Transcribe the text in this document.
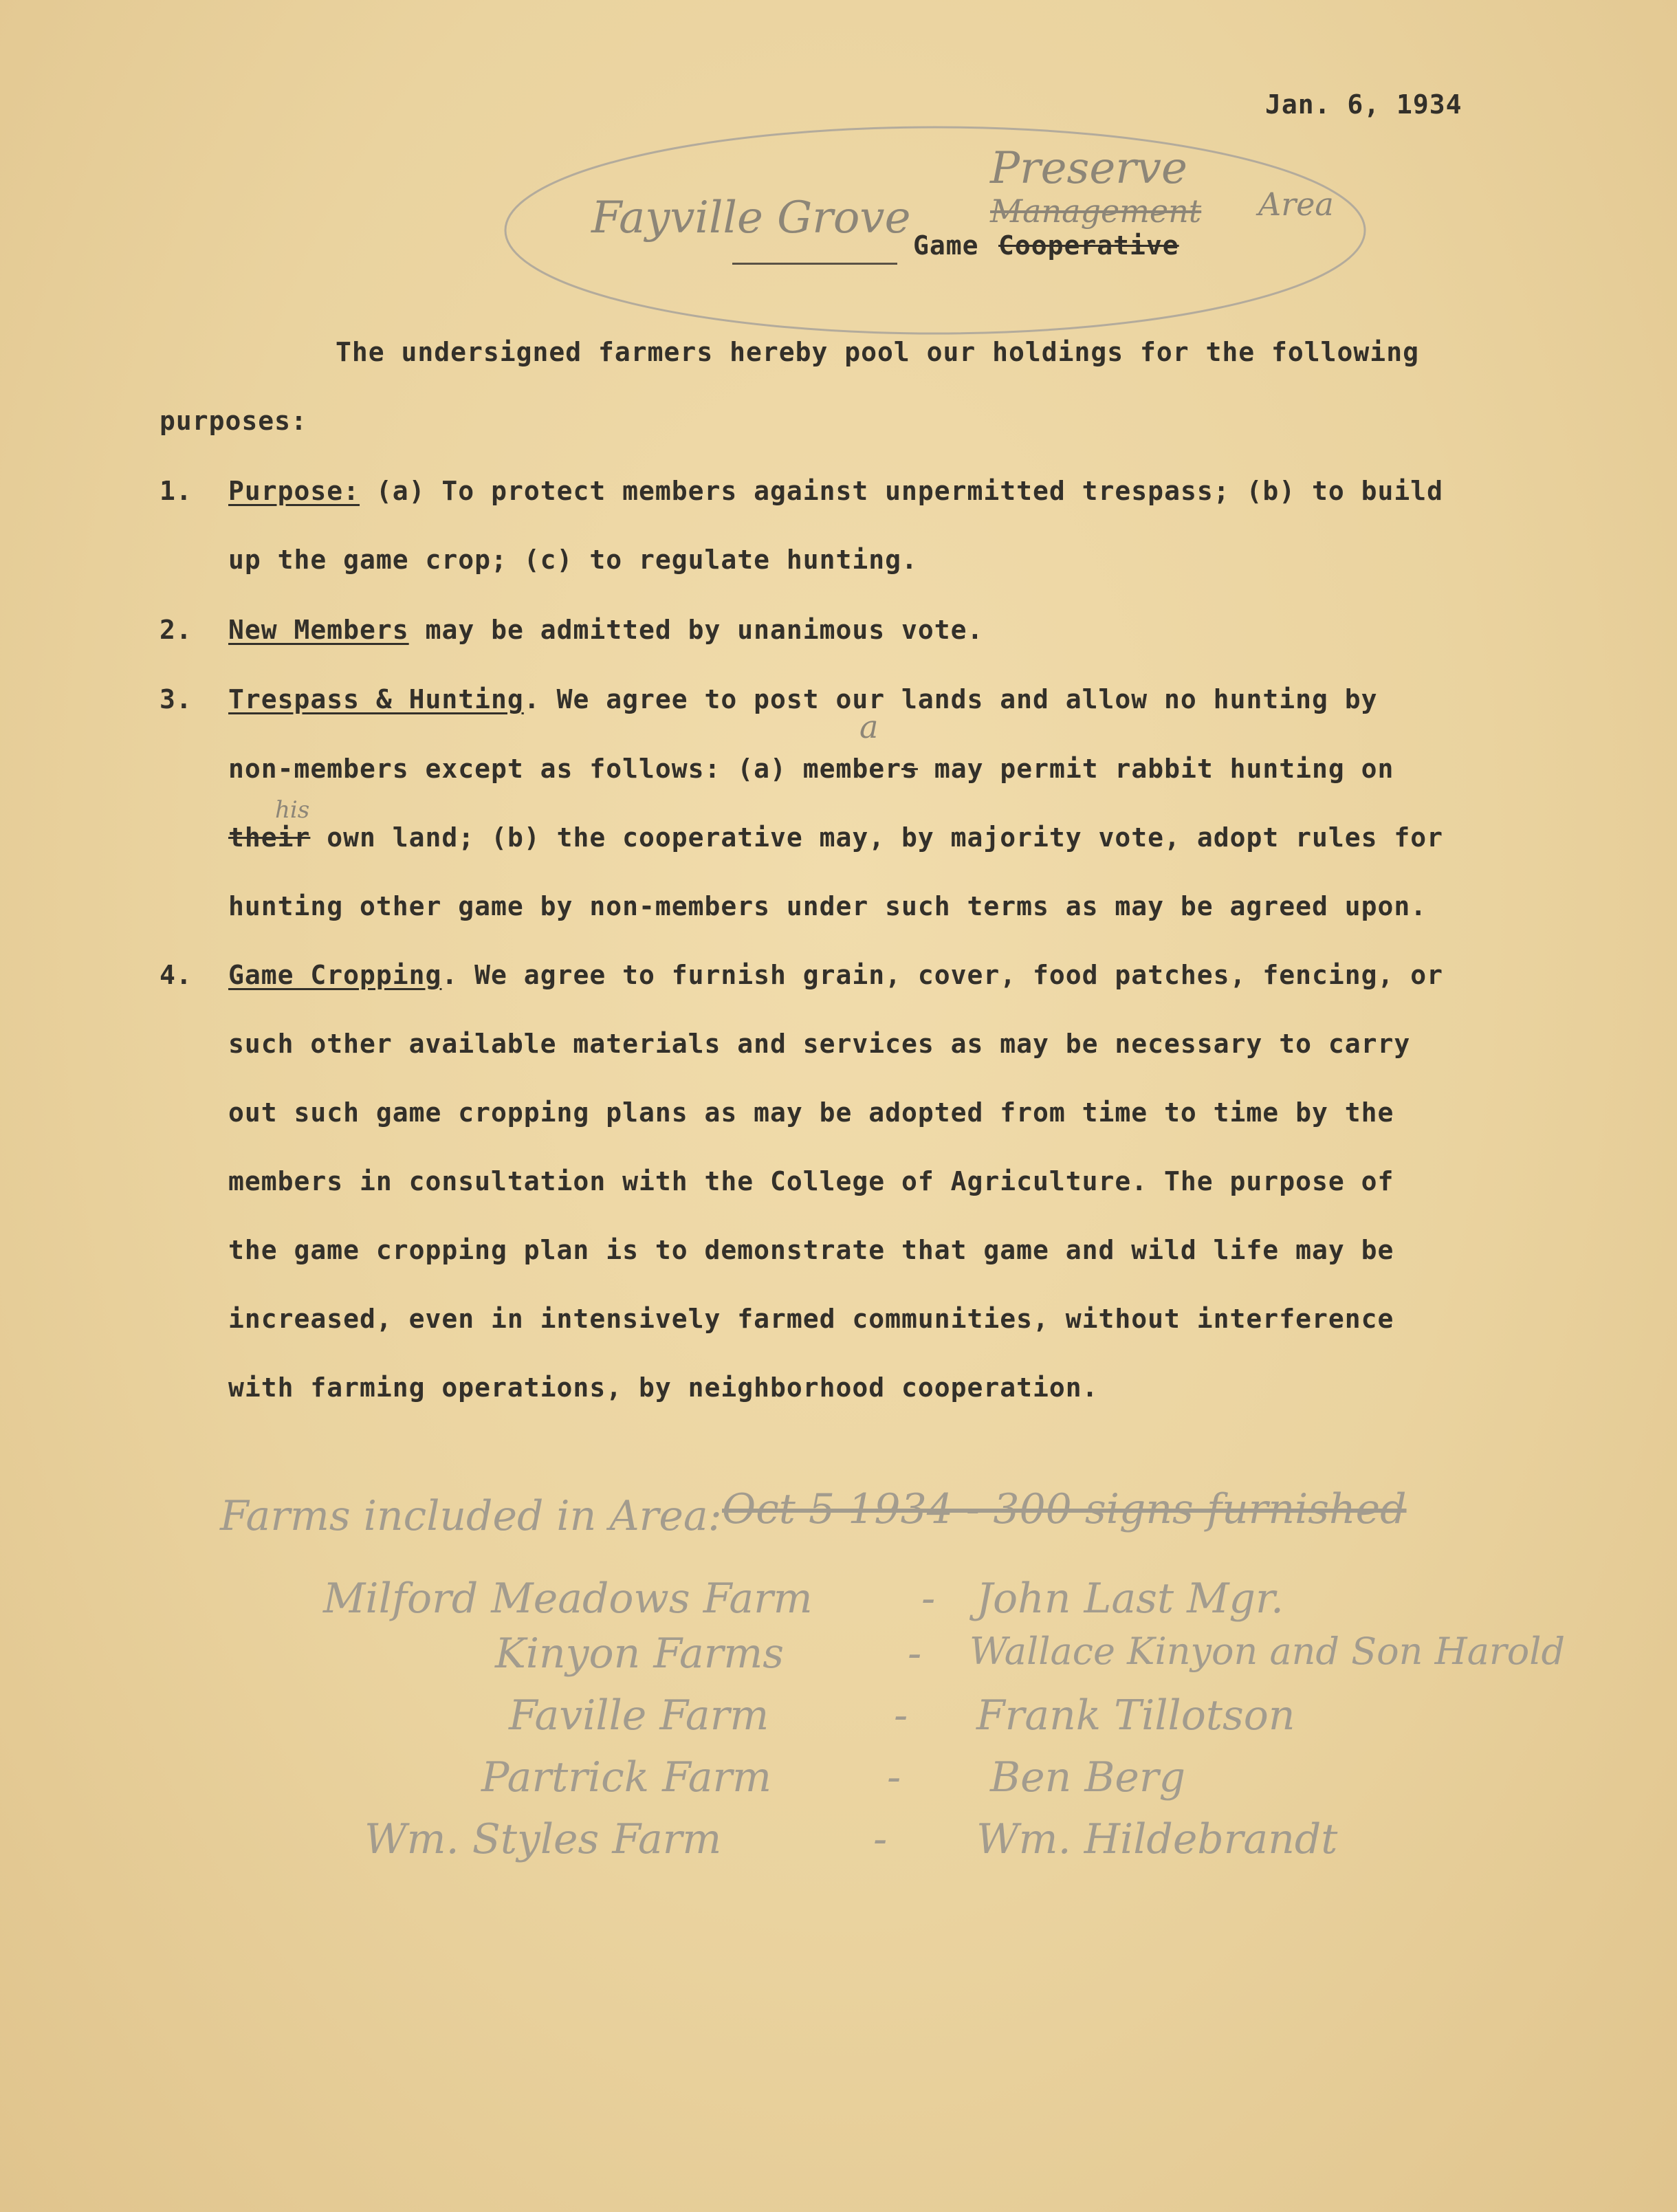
Jan. 6, 1934
Fayville Grove
Preserve
Management Area
Game Cooperative
The undersigned farmers hereby pool our holdings for the following
purposes:
1. Purpose: (a) To protect members against unpermitted trespass; (b) to build
up the game crop; (c) to regulate hunting.
2. New Members may be admitted by unanimous vote.
3. Trespass & Hunting. We agree to post our lands and allow no hunting by
a
non-members except as follows: (a) members may permit rabbit hunting on
his
their own land; (b) the cooperative may, by majority vote, adopt rules for
hunting other game by non-members under such terms as may be agreed upon.
4. Game Cropping. We agree to furnish grain, cover, food patches, fencing, or
such other available materials and services as may be necessary to carry
out such game cropping plans as may be adopted from time to time by the
members in consultation with the College of Agriculture. The purpose of
the game cropping plan is to demonstrate that game and wild life may be
increased, even in intensively farmed communities, without interference
with farming operations, by neighborhood cooperation.
Farms included in Area: Oct 5 1934 - 300 signs furnished
Milford Meadows Farm	- John Last Mgr.
Kinyon Farms	- Wallace Kinyon and Son Harold
Faville Farm	- Frank Tillotson
Partrick Farm	- Ben Berg
Wm. Styles Farm	- Wm. Hildebrandt
